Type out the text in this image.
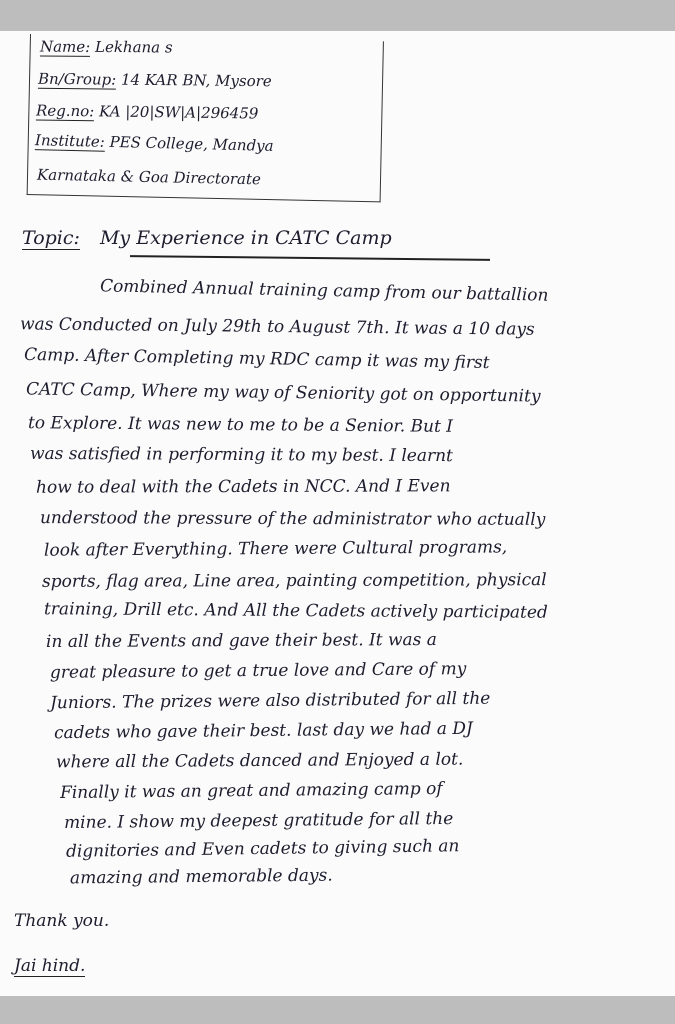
Name: Lekhana s
Bn/Group: 14 KAR BN, Mysore
Reg.no: KA |20|SW|A|296459
Institute: PES College, Mandya
Karnataka & Goa Directorate
Topic: My Experience in CATC Camp
Combined Annual training camp from our battallion
was Conducted on July 29th to August 7th. It was a 10 days
Camp. After Completing my RDC camp it was my first
CATC Camp, Where my way of Seniority got on opportunity
to Explore. It was new to me to be a Senior. But I
was satisfied in performing it to my best. I learnt
how to deal with the Cadets in NCC. And I Even
understood the pressure of the administrator who actually
look after Everything. There were Cultural programs,
sports, flag area, Line area, painting competition, physical
training, Drill etc. And All the Cadets actively participated
in all the Events and gave their best. It was a
great pleasure to get a true love and Care of my
Juniors. The prizes were also distributed for all the
cadets who gave their best. last day we had a DJ
where all the Cadets danced and Enjoyed a lot.
Finally it was an great and amazing camp of
mine. I show my deepest gratitude for all the
dignitories and Even cadets to giving such an
amazing and memorable days.
Thank you.
Jai hind.
